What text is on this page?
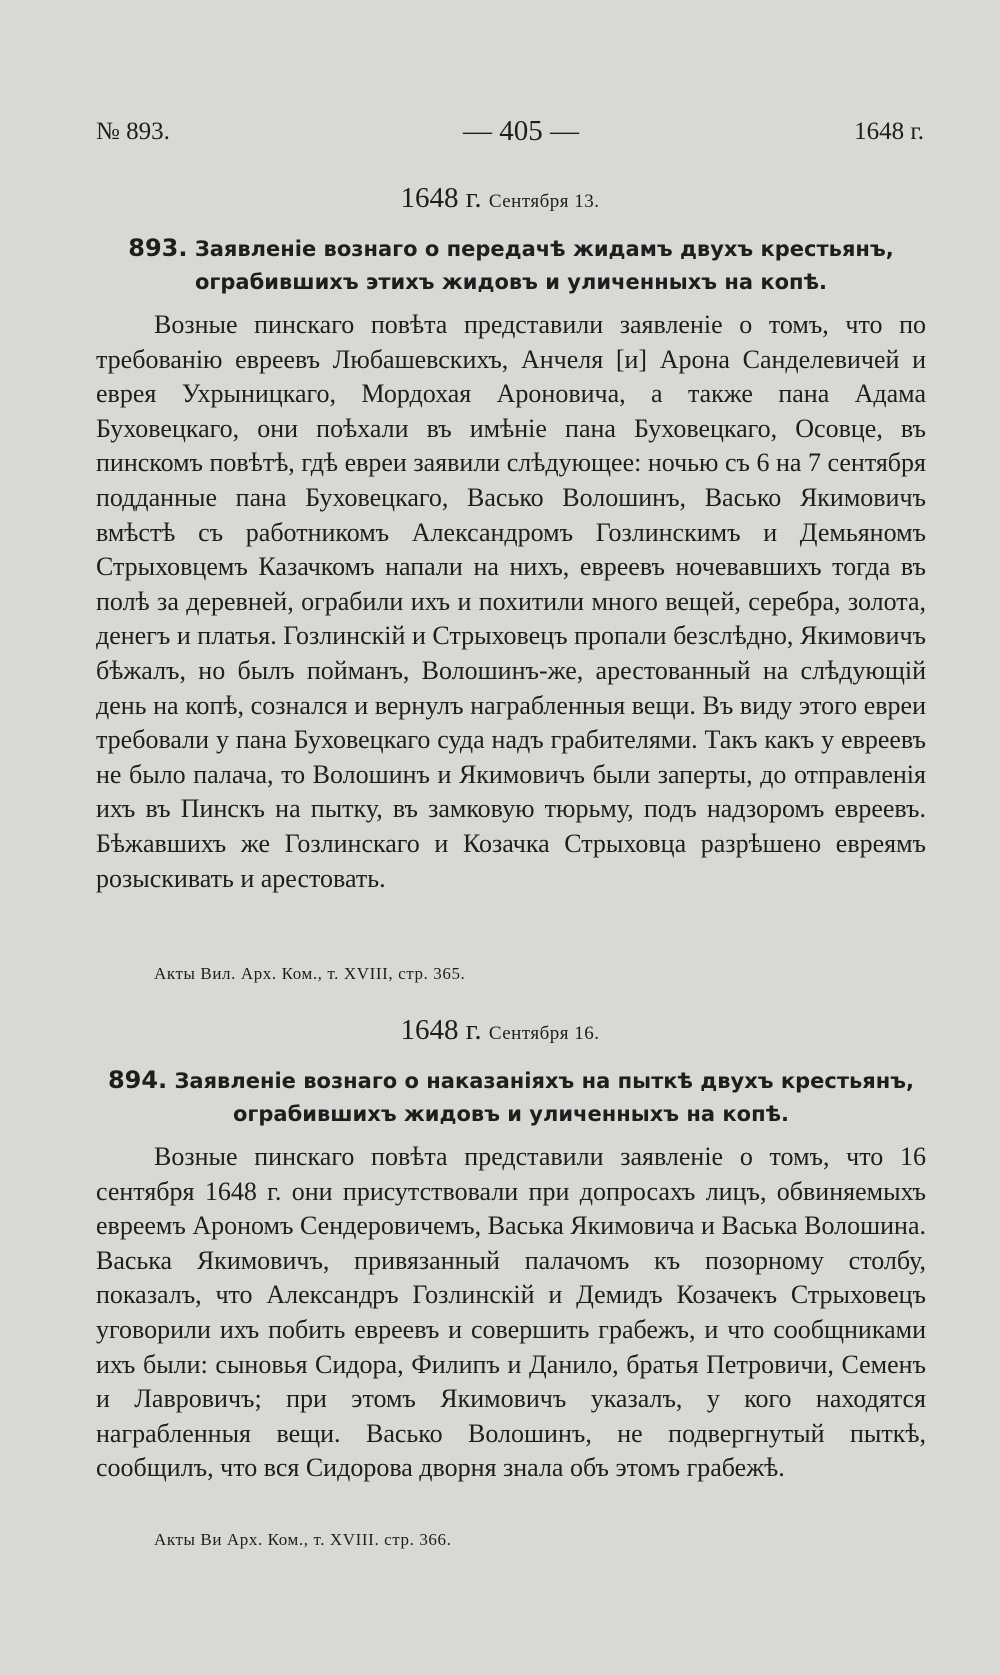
№ 893.	— 405 —	1648 г.
1648 г. Сентября 13.
893. Заявленіе вознаго о передачѣ жидамъ двухъ крестьянъ, ограбившихъ этихъ жидовъ и уличенныхъ на копѣ.
Возные пинскаго повѣта представили заявленіе о томъ, что по требованію евреевъ Любашевскихъ, Анчеля [и] Арона Санделевичей и еврея Ухрыницкаго, Мордохая Ароновича, а также пана Адама Буховецкаго, они поѣхали въ имѣніе пана Буховецкаго, Осовце, въ пинскомъ повѣтѣ, гдѣ евреи заявили слѣдующее: ночью съ 6 на 7 сентября подданные пана Буховецкаго, Васько Волошинъ, Васько Якимовичъ вмѣстѣ съ работникомъ Александромъ Гозлинскимъ и Демьяномъ Стрыховцемъ Казачкомъ напали на нихъ, евреевъ ночевавшихъ тогда въ полѣ за деревней, ограбили ихъ и похитили много вещей, серебра, золота, денегъ и платья. Гозлинскій и Стрыховецъ пропали безслѣдно, Якимовичъ бѣжалъ, но былъ пойманъ, Волошинъ-же, арестованный на слѣдующій день на копѣ, сознался и вернулъ награбленныя вещи. Въ виду этого евреи требовали у пана Буховецкаго суда надъ грабителями. Такъ какъ у евреевъ не было палача, то Волошинъ и Якимовичъ были заперты, до отправленія ихъ въ Пинскъ на пытку, въ замковую тюрьму, подъ надзоромъ евреевъ. Бѣжавшихъ же Гозлинскаго и Козачка Стрыховца разрѣшено евреямъ розыскивать и арестовать.
Акты Вил. Арх. Ком., т. XVIII, стр. 365.
1648 г. Сентября 16.
894. Заявленіе вознаго о наказаніяхъ на пыткѣ двухъ крестьянъ, ограбившихъ жидовъ и уличенныхъ на копѣ.
Возные пинскаго повѣта представили заявленіе о томъ, что 16 сентября 1648 г. они присутствовали при допросахъ лицъ, обвиняемыхъ евреемъ Арономъ Сендеровичемъ, Васька Якимовича и Васька Волошина. Васька Якимовичъ, привязанный палачомъ къ позорному столбу, показалъ, что Александръ Гозлинскій и Демидъ Козачекъ Стрыховецъ уговорили ихъ побить евреевъ и совершить грабежъ, и что сообщниками ихъ были: сыновья Сидора, Филипъ и Данило, братья Петровичи, Семенъ и Лавровичъ; при этомъ Якимовичъ указалъ, у кого находятся награбленныя вещи. Васько Волошинъ, не подвергнутый пыткѣ, сообщилъ, что вся Сидорова дворня знала объ этомъ грабежѣ.
Акты Ви Арх. Ком., т. XVIII. стр. 366.
